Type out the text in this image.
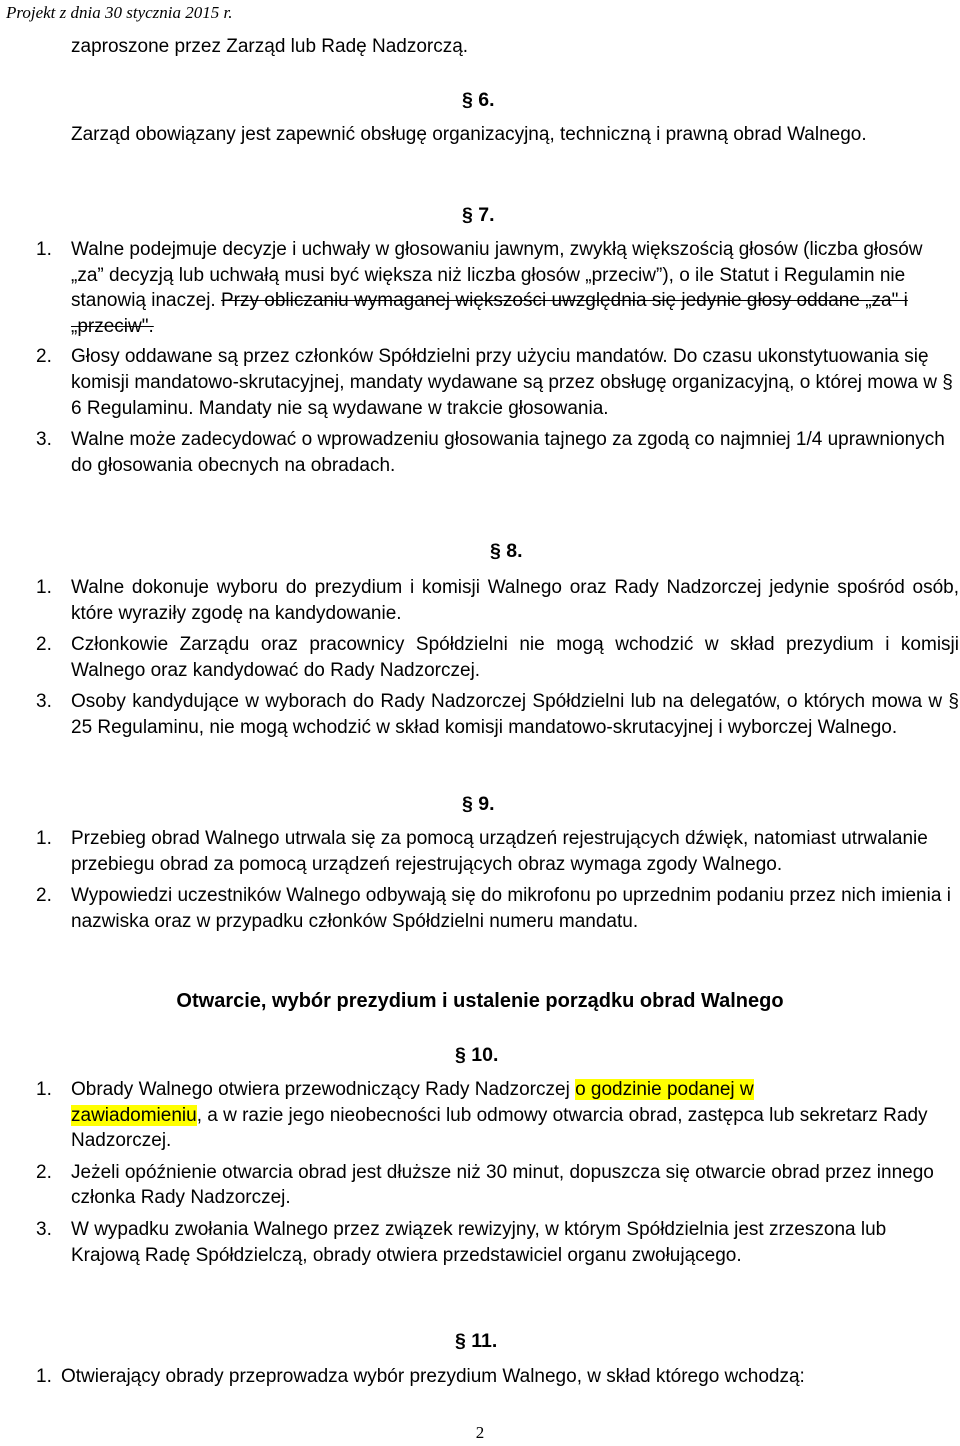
Projekt z dnia 30 stycznia 2015 r.

zaproszone przez Zarząd lub Radę Nadzorczą.

§ 6.

Zarząd obowiązany jest zapewnić obsługę organizacyjną, techniczną i prawną obrad Walnego.

§ 7.
1.	Walne podejmuje decyzje i uchwały w głosowaniu jawnym, zwykłą większością głosów (liczba głosów „za” decyzją lub uchwałą musi być większa niż liczba głosów „przeciw”), o ile Statut i Regulamin nie stanowią inaczej. Przy obliczaniu wymaganej większości uwzględnia się jedynie głosy oddane „za" i „przeciw".
2.	Głosy oddawane są przez członków Spółdzielni przy użyciu mandatów. Do czasu ukonstytuowania się komisji mandatowo-skrutacyjnej, mandaty wydawane są przez obsługę organizacyjną, o której mowa w § 6 Regulaminu. Mandaty nie są wydawane w trakcie głosowania.
3.	Walne może zadecydować o wprowadzeniu głosowania tajnego za zgodą co najmniej 1/4 uprawnionych do głosowania obecnych na obradach.
§ 8.
1.	Walne dokonuje wyboru do prezydium i komisji Walnego oraz Rady Nadzorczej jedynie spośród osób, które wyraziły zgodę na kandydowanie.
2.	Członkowie Zarządu oraz pracownicy Spółdzielni nie mogą wchodzić w skład prezydium i komisji Walnego oraz kandydować do Rady Nadzorczej.
3.	Osoby kandydujące w wyborach do Rady Nadzorczej Spółdzielni lub na delegatów, o których mowa w § 25 Regulaminu, nie mogą wchodzić w skład komisji mandatowo-skrutacyjnej i wyborczej Walnego.
§ 9.
1.	Przebieg obrad Walnego utrwala się za pomocą urządzeń rejestrujących dźwięk, natomiast utrwalanie przebiegu obrad za pomocą urządzeń rejestrujących obraz wymaga zgody Walnego.
2.	Wypowiedzi uczestników Walnego odbywają się do mikrofonu po uprzednim podaniu przez nich imienia i nazwiska oraz w przypadku członków Spółdzielni numeru mandatu.

Otwarcie, wybór prezydium i ustalenie porządku obrad Walnego

§ 10.
1.	Obrady Walnego otwiera przewodniczący Rady Nadzorczej o godzinie podanej w
zawiadomieniu, a w razie jego nieobecności lub odmowy otwarcia obrad, zastępca lub sekretarz Rady Nadzorczej.
2.	Jeżeli opóźnienie otwarcia obrad jest dłuższe niż 30 minut, dopuszcza się otwarcie obrad przez innego członka Rady Nadzorczej.
3.	W wypadku zwołania Walnego przez związek rewizyjny, w którym Spółdzielnia jest zrzeszona lub Krajową Radę Spółdzielczą, obrady otwiera przedstawiciel organu zwołującego.
§ 11.
1. Otwierający obrady przeprowadza wybór prezydium Walnego, w skład którego wchodzą:
2
